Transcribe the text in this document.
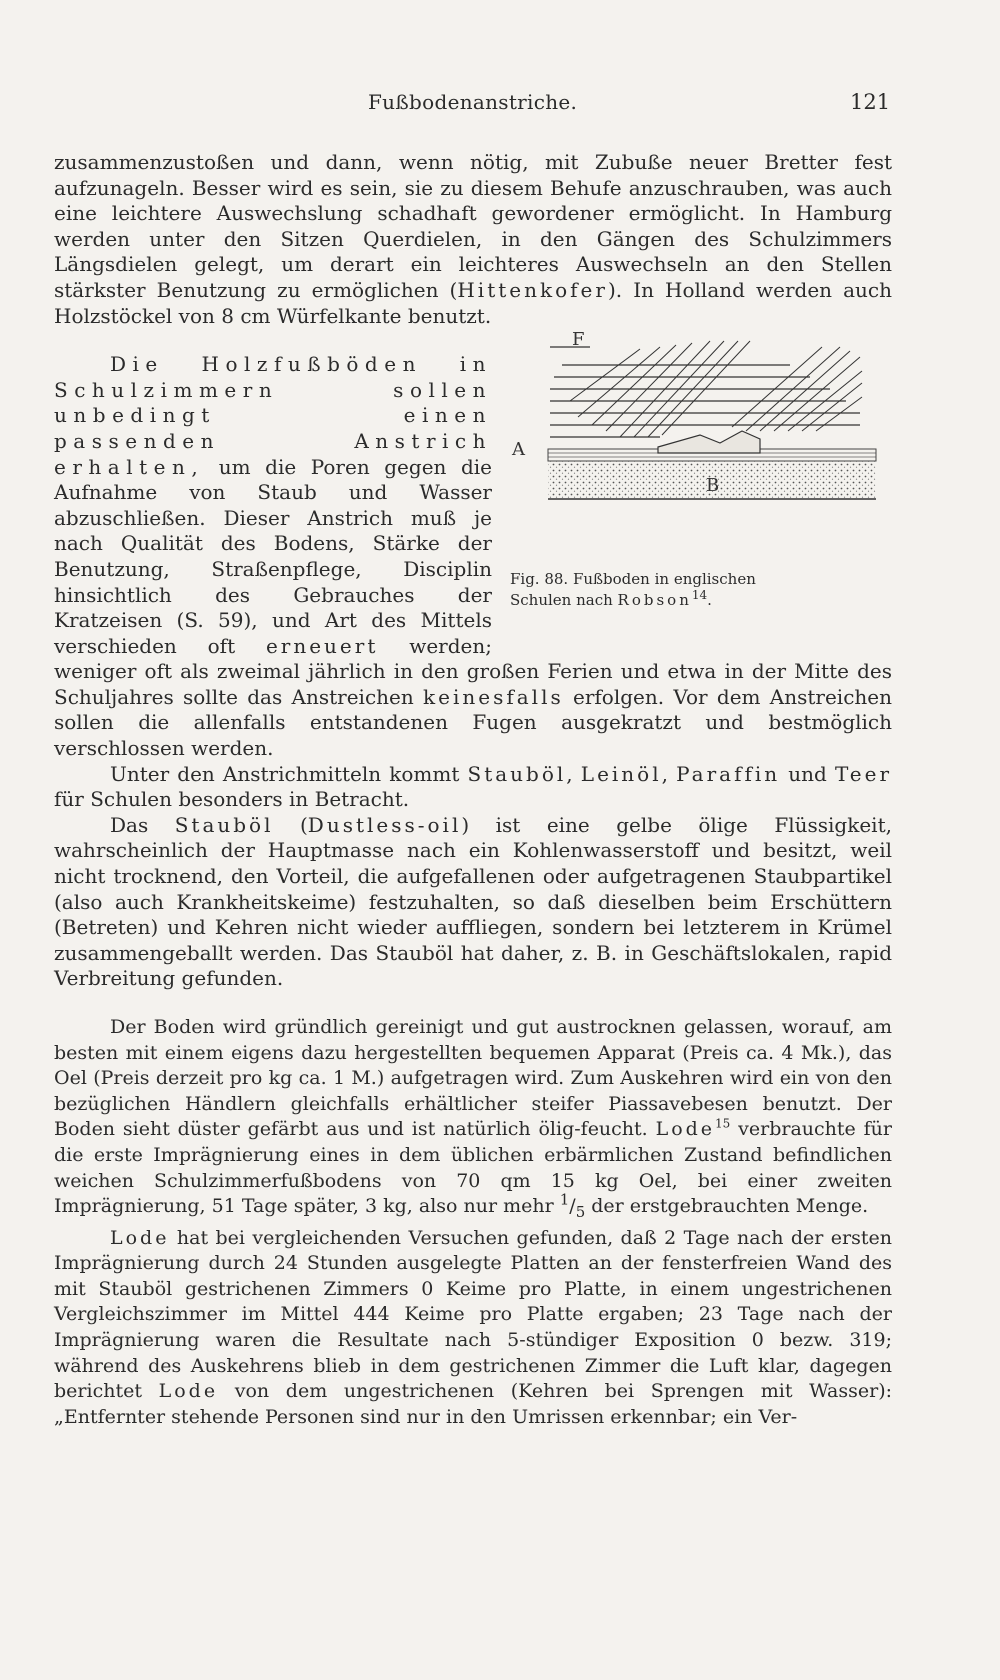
Fußbodenanstriche.	121

zusammenzustoßen und dann, wenn nötig, mit Zubuße neuer Bretter fest aufzunageln. Besser wird es sein, sie zu diesem Behufe anzuschrauben, was auch eine leichtere Auswechslung schadhaft gewordener ermöglicht. In Hamburg werden unter den Sitzen Querdielen, in den Gängen des Schulzimmers Längsdielen gelegt, um derart ein leichteres Auswechseln an den Stellen stärkster Benutzung zu ermöglichen (Hittenkofer). In Holland werden auch Holzstöckel von 8 cm Würfelkante benutzt.

F
A
B
Fig. 88. Fußboden in englischen
Schulen nach Robson$^{14}$.

Die Holzfußböden in Schulzimmern sollen unbedingt einen passenden Anstrich erhalten, um die Poren gegen die Aufnahme von Staub und Wasser abzuschließen. Dieser Anstrich muß je nach Qualität des Bodens, Stärke der Benutzung, Straßenpflege, Disciplin hinsichtlich des Gebrauches der Kratzeisen (S. 59), und Art des Mittels verschieden oft erneuert werden; weniger oft als zweimal jährlich in den großen Ferien und etwa in der Mitte des Schuljahres sollte das Anstreichen keinesfalls erfolgen. Vor dem Anstreichen sollen die allenfalls entstandenen Fugen ausgekratzt und bestmöglich verschlossen werden.

Unter den Anstrichmitteln kommt Stauböl, Leinöl, Paraffin und Teer für Schulen besonders in Betracht.

Das Stauböl (Dustless-oil) ist eine gelbe ölige Flüssigkeit, wahrscheinlich der Hauptmasse nach ein Kohlenwasserstoff und besitzt, weil nicht trocknend, den Vorteil, die aufgefallenen oder aufgetragenen Staubpartikel (also auch Krankheitskeime) festzuhalten, so daß dieselben beim Erschüttern (Betreten) und Kehren nicht wieder auffliegen, sondern bei letzterem in Krümel zusammengeballt werden. Das Stauböl hat daher, z. B. in Geschäftslokalen, rapid Verbreitung gefunden.

Der Boden wird gründlich gereinigt und gut austrocknen gelassen, worauf, am besten mit einem eigens dazu hergestellten bequemen Apparat (Preis ca. 4 Mk.), das Oel (Preis derzeit pro kg ca. 1 M.) aufgetragen wird. Zum Auskehren wird ein von den bezüglichen Händlern gleichfalls erhältlicher steifer Piassavebesen benutzt. Der Boden sieht düster gefärbt aus und ist natürlich ölig-feucht. Lode$^{15}$ verbrauchte für die erste Imprägnierung eines in dem üblichen erbärmlichen Zustand befindlichen weichen Schulzimmerfußbodens von 70 qm 15 kg Oel, bei einer zweiten Imprägnierung, 51 Tage später, 3 kg, also nur mehr $^1/_5$ der erstgebrauchten Menge.

Lode hat bei vergleichenden Versuchen gefunden, daß 2 Tage nach der ersten Imprägnierung durch 24 Stunden ausgelegte Platten an der fensterfreien Wand des mit Stauböl gestrichenen Zimmers 0 Keime pro Platte, in einem ungestrichenen Vergleichszimmer im Mittel 444 Keime pro Platte ergaben; 23 Tage nach der Imprägnierung waren die Resultate nach 5-stündiger Exposition 0 bezw. 319; während des Auskehrens blieb in dem gestrichenen Zimmer die Luft klar, dagegen berichtet Lode von dem ungestrichenen (Kehren bei Sprengen mit Wasser): „Entfernter stehende Personen sind nur in den Umrissen erkennbar; ein Ver-
